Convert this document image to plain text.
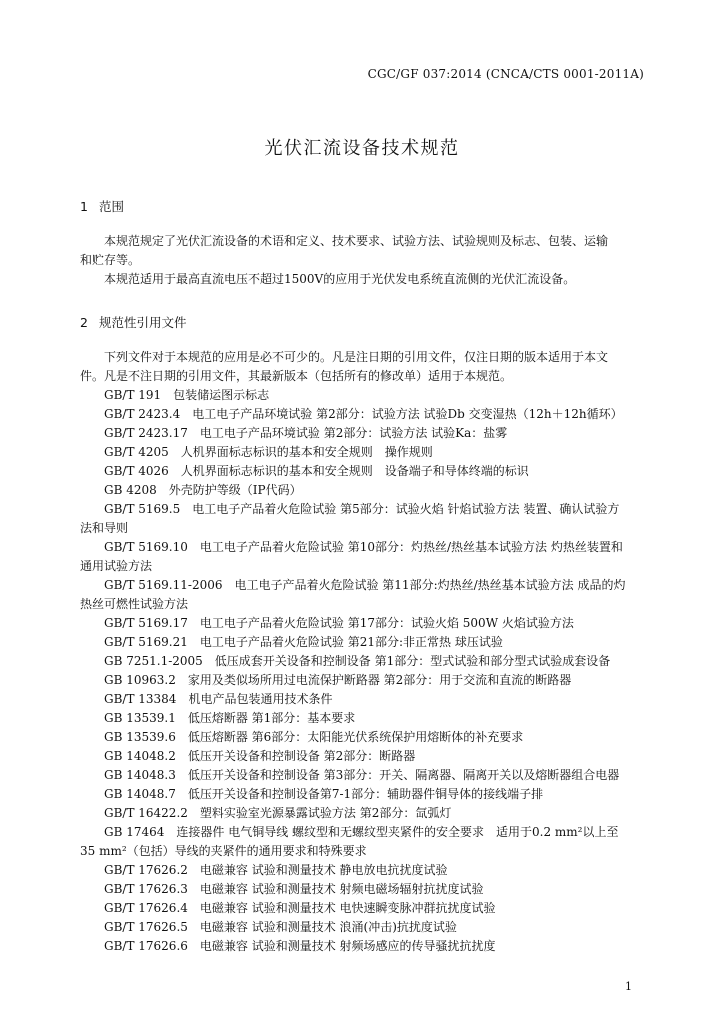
CGC/GF 037:2014 (CNCA/CTS 0001-2011A)
光伏汇流设备技术规范
1 范围
本规范规定了光伏汇流设备的术语和定义、技术要求、试验方法、试验规则及标志、包装、运输
和贮存等。
本规范适用于最高直流电压不超过1500V的应用于光伏发电系统直流侧的光伏汇流设备。
2 规范性引用文件
下列文件对于本规范的应用是必不可少的。凡是注日期的引用文件，仅注日期的版本适用于本文
件。凡是不注日期的引用文件，其最新版本（包括所有的修改单）适用于本规范。
GB/T 191　包装储运图示标志
GB/T 2423.4　电工电子产品环境试验 第2部分：试验方法 试验Db 交变湿热（12h＋12h循环）
GB/T 2423.17　电工电子产品环境试验 第2部分：试验方法 试验Ka：盐雾
GB/T 4205　人机界面标志标识的基本和安全规则　操作规则
GB/T 4026　人机界面标志标识的基本和安全规则　设备端子和导体终端的标识
GB 4208　外壳防护等级（IP代码）
GB/T 5169.5　电工电子产品着火危险试验 第5部分：试验火焰 针焰试验方法 装置、确认试验方
法和导则
GB/T 5169.10　电工电子产品着火危险试验 第10部分：灼热丝/热丝基本试验方法 灼热丝装置和
通用试验方法
GB/T 5169.11-2006　电工电子产品着火危险试验 第11部分:灼热丝/热丝基本试验方法 成品的灼
热丝可燃性试验方法
GB/T 5169.17　电工电子产品着火危险试验 第17部分：试验火焰 500W 火焰试验方法
GB/T 5169.21　电工电子产品着火危险试验 第21部分:非正常热 球压试验
GB 7251.1-2005　低压成套开关设备和控制设备 第1部分：型式试验和部分型式试验成套设备
GB 10963.2　家用及类似场所用过电流保护断路器 第2部分：用于交流和直流的断路器
GB/T 13384　机电产品包装通用技术条件
GB 13539.1　低压熔断器 第1部分：基本要求
GB 13539.6　低压熔断器 第6部分：太阳能光伏系统保护用熔断体的补充要求
GB 14048.2　低压开关设备和控制设备 第2部分：断路器
GB 14048.3　低压开关设备和控制设备 第3部分：开关、隔离器、隔离开关以及熔断器组合电器
GB 14048.7　低压开关设备和控制设备第7-1部分：辅助器件铜导体的接线端子排
GB/T 16422.2　塑料实验室光源暴露试验方法 第2部分：氙弧灯
GB 17464　连接器件 电气铜导线 螺纹型和无螺纹型夹紧件的安全要求　适用于0.2 mm²以上至
35 mm²（包括）导线的夹紧件的通用要求和特殊要求
GB/T 17626.2　电磁兼容 试验和测量技术 静电放电抗扰度试验
GB/T 17626.3　电磁兼容 试验和测量技术 射频电磁场辐射抗扰度试验
GB/T 17626.4　电磁兼容 试验和测量技术 电快速瞬变脉冲群抗扰度试验
GB/T 17626.5　电磁兼容 试验和测量技术 浪涌(冲击)抗扰度试验
GB/T 17626.6　电磁兼容 试验和测量技术 射频场感应的传导骚扰抗扰度
1
